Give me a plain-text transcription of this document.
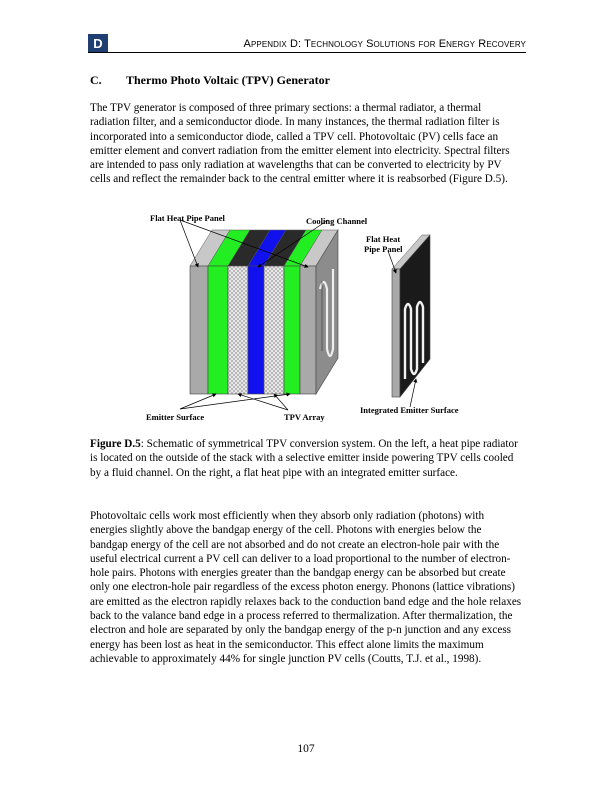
D	Appendix D: Technology Solutions for Energy Recovery
C. Thermo Photo Voltaic (TPV) Generator

The TPV generator is composed of three primary sections: a thermal radiator, a thermal radiation filter, and a semiconductor diode. In many instances, the thermal radiation filter is incorporated into a semiconductor diode, called a TPV cell. Photovoltaic (PV) cells face an emitter element and convert radiation from the emitter element into electricity. Spectral filters are intended to pass only radiation at wavelengths that can be converted to electricity by PV cells and reflect the remainder back to the central emitter where it is reabsorbed (Figure D.5).

Flat Heat Pipe Panel	Cooling Channel
Flat Heat
Pipe Panel
Emitter Surface	TPV Array
Integrated Emitter Surface

Figure D.5: Schematic of symmetrical TPV conversion system. On the left, a heat pipe radiator is located on the outside of the stack with a selective emitter inside powering TPV cells cooled by a fluid channel. On the right, a flat heat pipe with an integrated emitter surface.

Photovoltaic cells work most efficiently when they absorb only radiation (photons) with energies slightly above the bandgap energy of the cell. Photons with energies below the bandgap energy of the cell are not absorbed and do not create an electron-hole pair with the useful electrical current a PV cell can deliver to a load proportional to the number of electron-hole pairs. Photons with energies greater than the bandgap energy can be absorbed but create only one electron-hole pair regardless of the excess photon energy. Phonons (lattice vibrations) are emitted as the electron rapidly relaxes back to the conduction band edge and the hole relaxes back to the valance band edge in a process referred to thermalization. After thermalization, the electron and hole are separated by only the bandgap energy of the p-n junction and any excess energy has been lost as heat in the semiconductor. This effect alone limits the maximum achievable to approximately 44% for single junction PV cells (Coutts, T.J. et al., 1998).

107
